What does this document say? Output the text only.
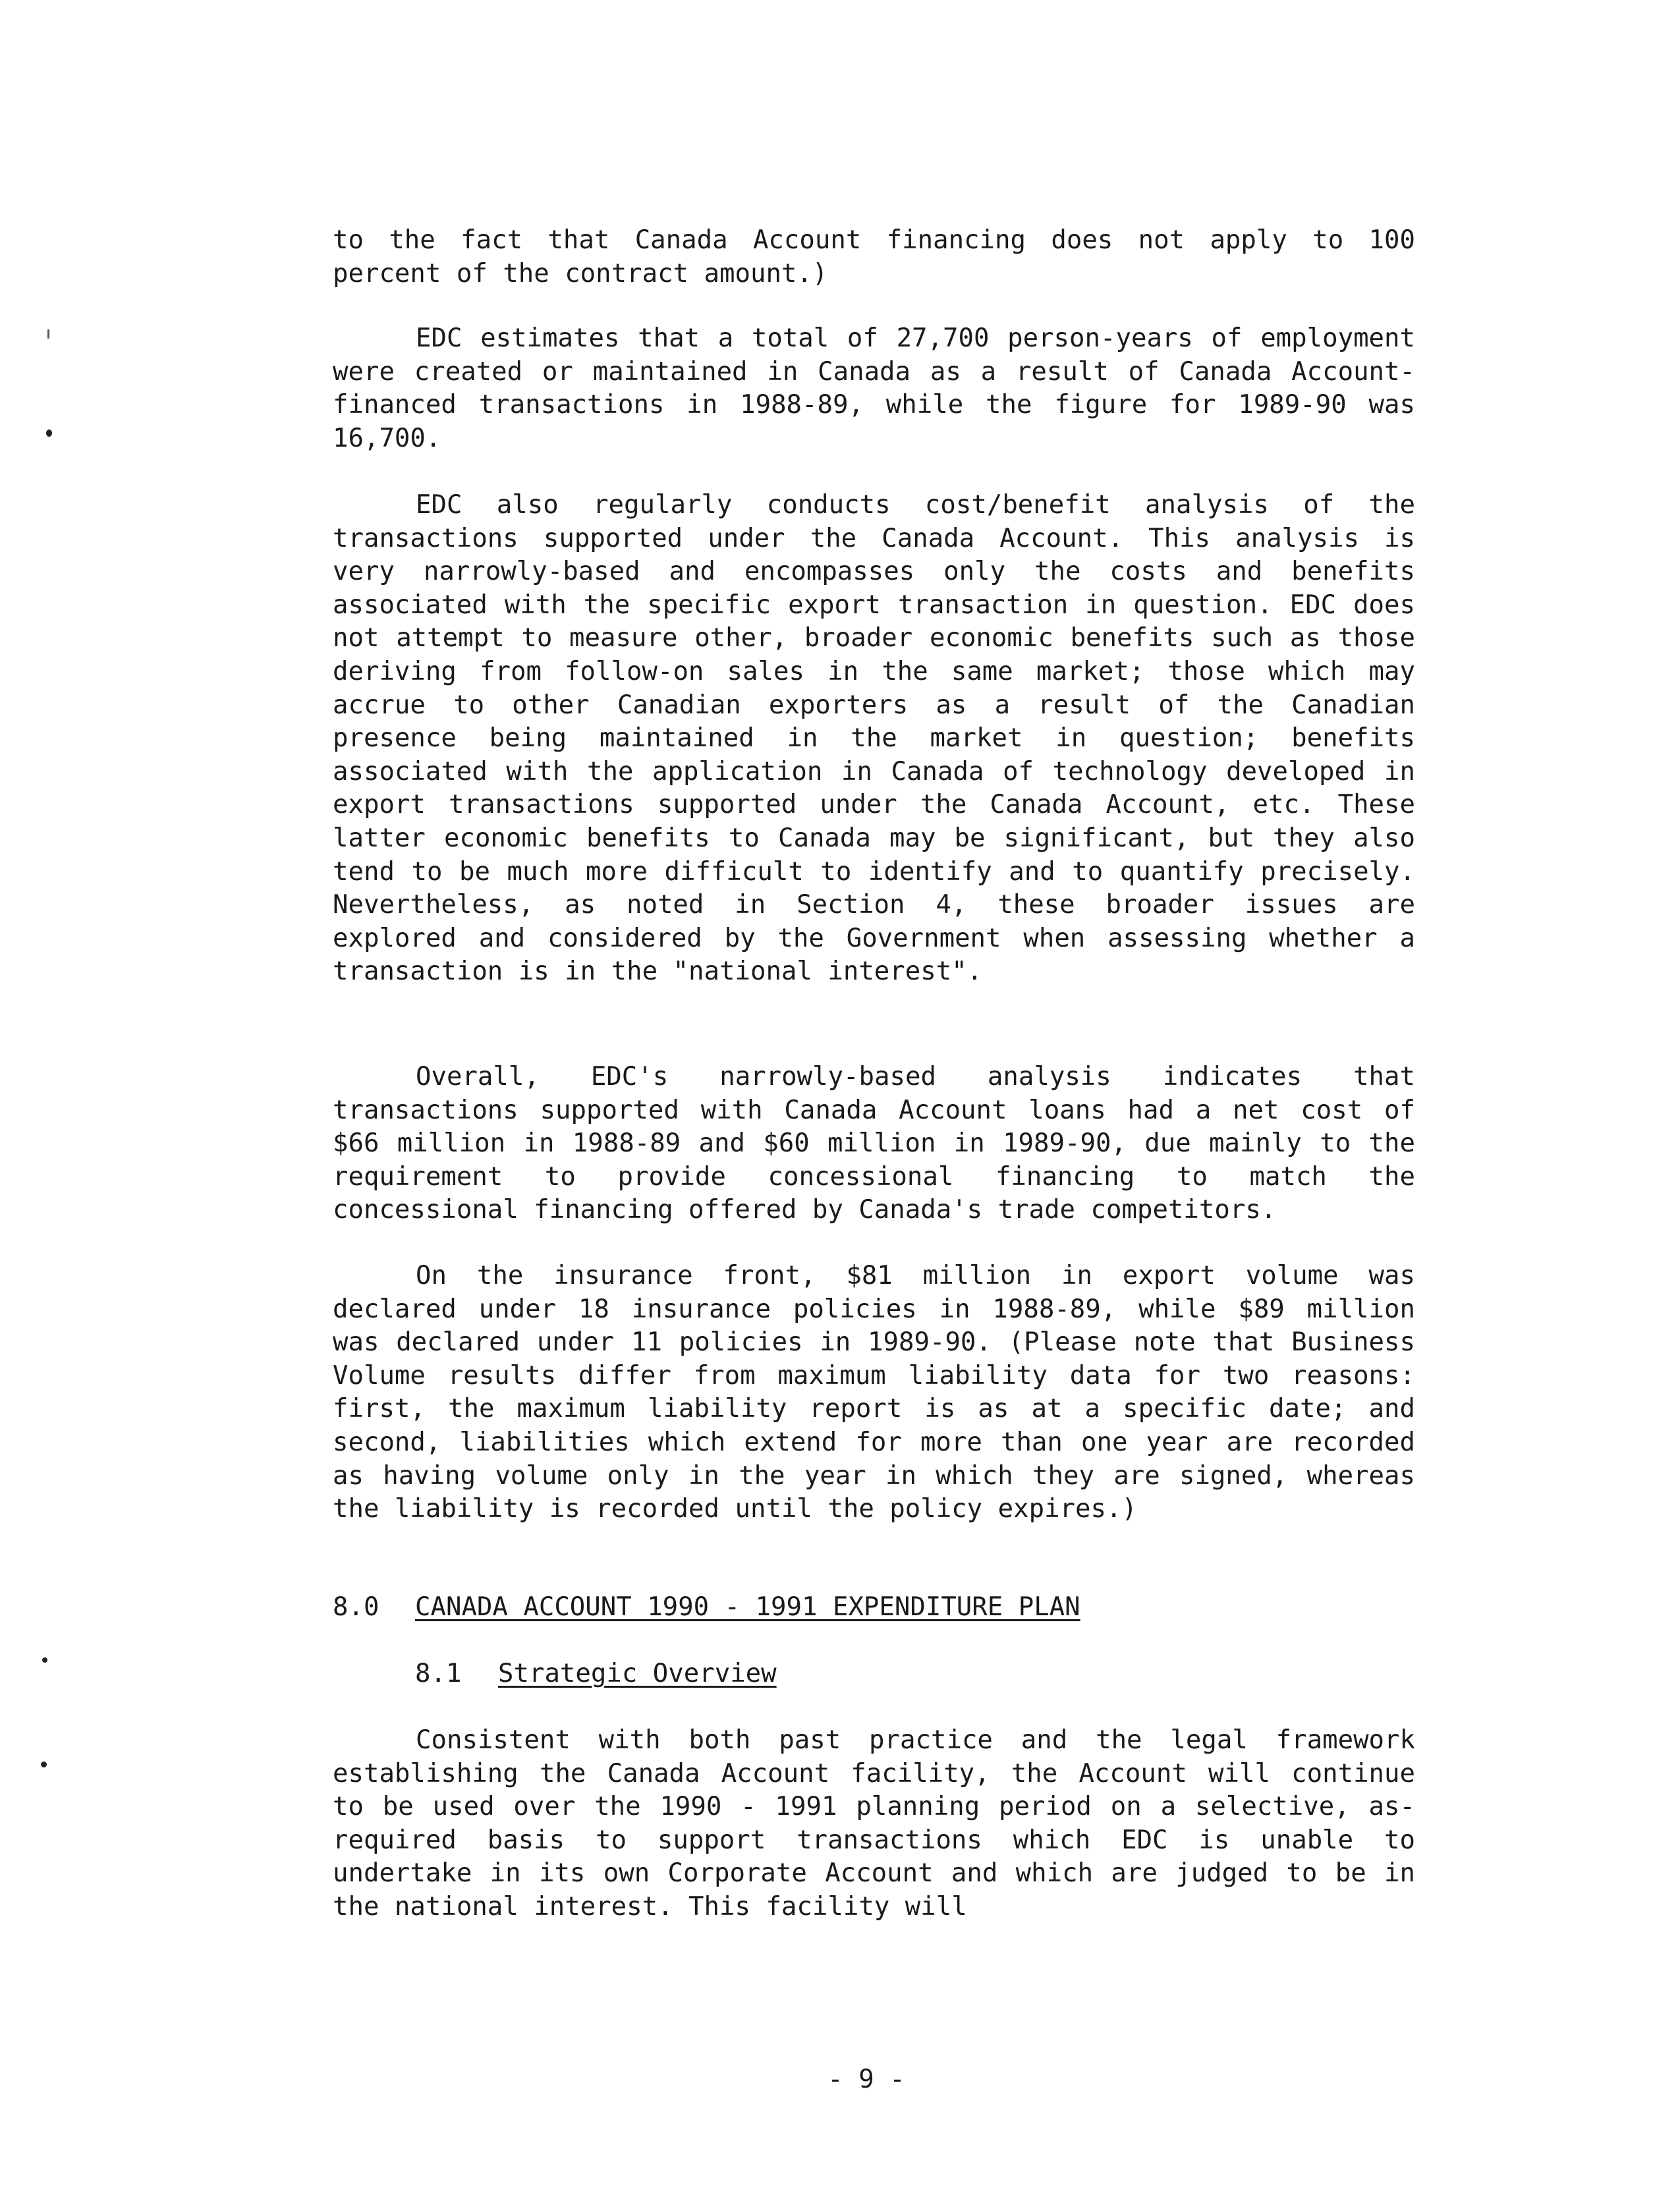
to the fact that Canada Account financing does not apply to 100 percent of the contract amount.)

EDC estimates that a total of 27,700 person-years of employment were created or maintained in Canada as a result of Canada Account-financed transactions in 1988-89, while the figure for 1989-90 was 16,700.

EDC also regularly conducts cost/benefit analysis of the transactions supported under the Canada Account. This analysis is very narrowly-based and encompasses only the costs and benefits associated with the specific export transaction in question. EDC does not attempt to measure other, broader economic benefits such as those deriving from follow-on sales in the same market; those which may accrue to other Canadian exporters as a result of the Canadian presence being maintained in the market in question; benefits associated with the application in Canada of technology developed in export transactions supported under the Canada Account, etc. These latter economic benefits to Canada may be significant, but they also tend to be much more difficult to identify and to quantify precisely. Nevertheless, as noted in Section 4, these broader issues are explored and considered by the Government when assessing whether a transaction is in the "national interest".

Overall, EDC's narrowly-based analysis indicates that transactions supported with Canada Account loans had a net cost of $66 million in 1988-89 and $60 million in 1989-90, due mainly to the requirement to provide concessional financing to match the concessional financing offered by Canada's trade competitors.

On the insurance front, $81 million in export volume was declared under 18 insurance policies in 1988-89, while $89 million was declared under 11 policies in 1989-90. (Please note that Business Volume results differ from maximum liability data for two reasons: first, the maximum liability report is as at a specific date; and second, liabilities which extend for more than one year are recorded as having volume only in the year in which they are signed, whereas the liability is recorded until the policy expires.)

8.0 CANADA ACCOUNT 1990 - 1991 EXPENDITURE PLAN
8.1 Strategic Overview

Consistent with both past practice and the legal framework establishing the Canada Account facility, the Account will continue to be used over the 1990 - 1991 planning period on a selective, as-required basis to support transactions which EDC is unable to undertake in its own Corporate Account and which are judged to be in the national interest. This facility will

- 9 -
